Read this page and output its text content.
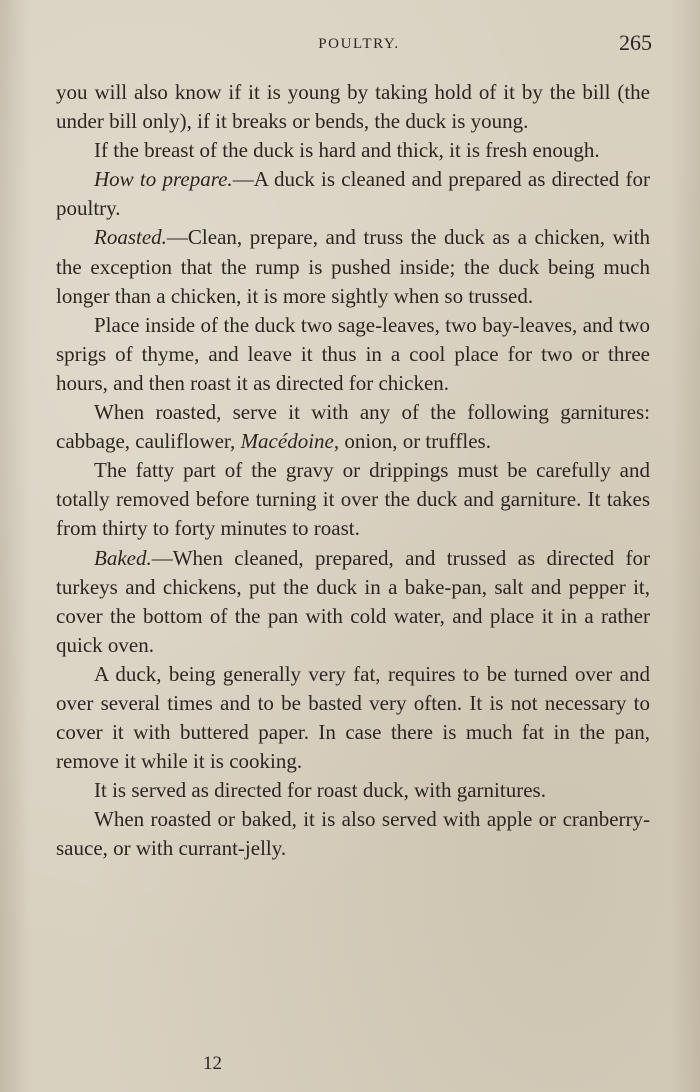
POULTRY.	265

you will also know if it is young by taking hold of it by the bill (the under bill only), if it breaks or bends, the duck is young.

If the breast of the duck is hard and thick, it is fresh enough.

How to prepare.—A duck is cleaned and prepared as directed for poultry.

Roasted.—Clean, prepare, and truss the duck as a chicken, with the exception that the rump is pushed inside; the duck being much longer than a chicken, it is more sightly when so trussed.

Place inside of the duck two sage-leaves, two bay-leaves, and two sprigs of thyme, and leave it thus in a cool place for two or three hours, and then roast it as directed for chicken.

When roasted, serve it with any of the following garnitures: cabbage, cauliflower, Macédoine, onion, or truffles.

The fatty part of the gravy or drippings must be carefully and totally removed before turning it over the duck and garniture. It takes from thirty to forty minutes to roast.

Baked.—When cleaned, prepared, and trussed as directed for turkeys and chickens, put the duck in a bake-pan, salt and pepper it, cover the bottom of the pan with cold water, and place it in a rather quick oven.

A duck, being generally very fat, requires to be turned over and over several times and to be basted very often. It is not necessary to cover it with buttered paper. In case there is much fat in the pan, remove it while it is cooking.

It is served as directed for roast duck, with garnitures.

When roasted or baked, it is also served with apple or cranberry-sauce, or with currant-jelly.

12
